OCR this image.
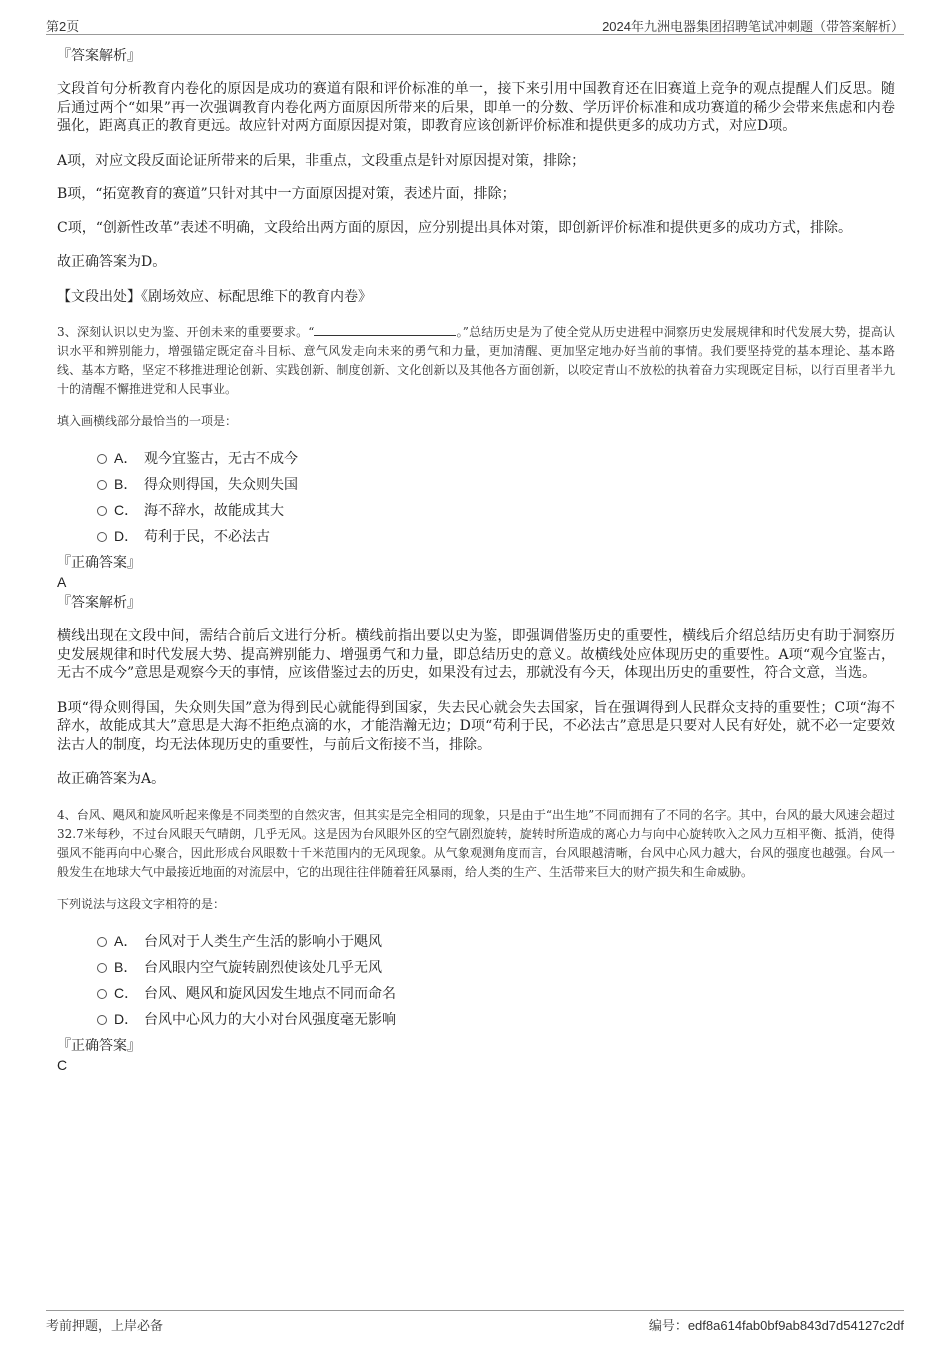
第2页	2024年九洲电器集团招聘笔试冲刺题（带答案解析）

『答案解析』

文段首句分析教育内卷化的原因是成功的赛道有限和评价标准的单一，接下来引用中国教育还在旧赛道上竞争的观点提醒人们反思。随后通过两个“如果”再一次强调教育内卷化两方面原因所带来的后果，即单一的分数、学历评价标准和成功赛道的稀少会带来焦虑和内卷强化，距离真正的教育更远。故应针对两方面原因提对策，即教育应该创新评价标准和提供更多的成功方式，对应D项。

A项，对应文段反面论证所带来的后果，非重点，文段重点是针对原因提对策，排除；

B项，“拓宽教育的赛道”只针对其中一方面原因提对策，表述片面，排除；

C项，“创新性改革”表述不明确，文段给出两方面的原因，应分别提出具体对策，即创新评价标准和提供更多的成功方式，排除。

故正确答案为D。

【文段出处】《剧场效应、标配思维下的教育内卷》

3、深刻认识以史为鉴、开创未来的重要要求。“	。”总结历史是为了使全党从历史进程中洞察历史发展规律和时代发展大势，提高认识水平和辨别能力，增强锚定既定奋斗目标、意气风发走向未来的勇气和力量，更加清醒、更加坚定地办好当前的事情。我们要坚持党的基本理论、基本路线、基本方略，坚定不移推进理论创新、实践创新、制度创新、文化创新以及其他各方面创新，以咬定青山不放松的执着奋力实现既定目标，以行百里者半九十的清醒不懈推进党和人民事业。

填入画横线部分最恰当的一项是：

A． 观今宜鉴古，无古不成今
B． 得众则得国，失众则失国
C． 海不辞水，故能成其大
D． 苟利于民，不必法古

『正确答案』

A

『答案解析』

横线出现在文段中间，需结合前后文进行分析。横线前指出要以史为鉴，即强调借鉴历史的重要性，横线后介绍总结历史有助于洞察历史发展规律和时代发展大势、提高辨别能力、增强勇气和力量，即总结历史的意义。故横线处应体现历史的重要性。A项“观今宜鉴古，无古不成今”意思是观察今天的事情，应该借鉴过去的历史，如果没有过去，那就没有今天，体现出历史的重要性，符合文意，当选。

B项“得众则得国，失众则失国”意为得到民心就能得到国家，失去民心就会失去国家，旨在强调得到人民群众支持的重要性；C项“海不辞水，故能成其大”意思是大海不拒绝点滴的水，才能浩瀚无边；D项“苟利于民，不必法古”意思是只要对人民有好处，就不必一定要效法古人的制度，均无法体现历史的重要性，与前后文衔接不当，排除。

故正确答案为A。

4、台风、飓风和旋风听起来像是不同类型的自然灾害，但其实是完全相同的现象，只是由于“出生地”不同而拥有了不同的名字。其中，台风的最大风速会超过32.7米每秒，不过台风眼天气晴朗，几乎无风。这是因为台风眼外区的空气剧烈旋转，旋转时所造成的离心力与向中心旋转吹入之风力互相平衡、抵消，使得强风不能再向中心聚合，因此形成台风眼数十千米范围内的无风现象。从气象观测角度而言，台风眼越清晰，台风中心风力越大，台风的强度也越强。台风一般发生在地球大气中最接近地面的对流层中，它的出现往往伴随着狂风暴雨，给人类的生产、生活带来巨大的财产损失和生命威胁。

下列说法与这段文字相符的是：

A． 台风对于人类生产生活的影响小于飓风
B． 台风眼内空气旋转剧烈使该处几乎无风
C． 台风、飓风和旋风因发生地点不同而命名
D． 台风中心风力的大小对台风强度毫无影响

『正确答案』

C

考前押题，上岸必备	编号：edf8a614fab0bf9ab843d7d54127c2df
